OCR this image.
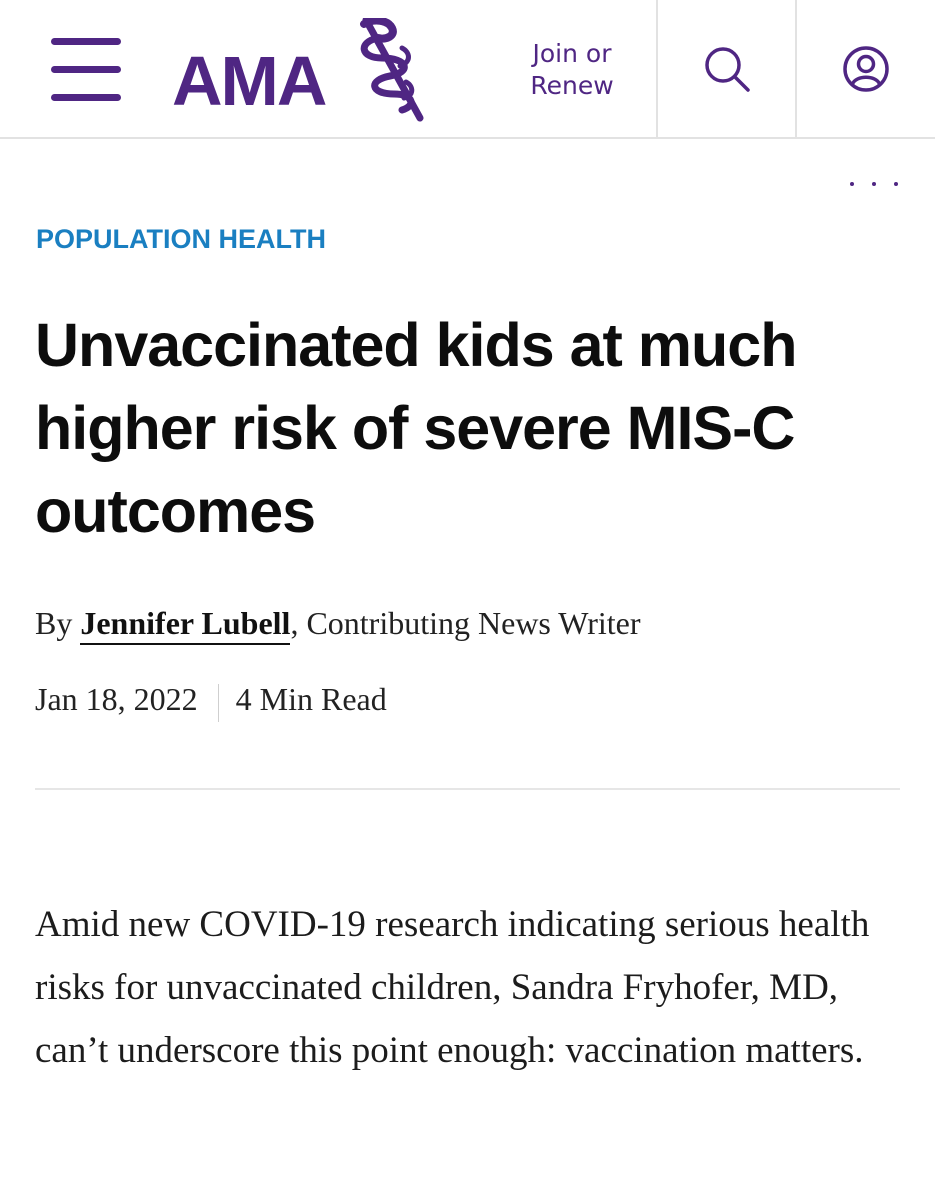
AMA	Join or
Renew
POPULATION HEALTH
Unvaccinated kids at much higher risk of severe MIS-C outcomes
By Jennifer Lubell, Contributing News Writer
Jan 18, 2022 4 Min Read

Amid new COVID-19 research indicating serious health risks for unvaccinated children, Sandra Fryhofer, MD, can’t underscore this point enough: vaccination matters.
